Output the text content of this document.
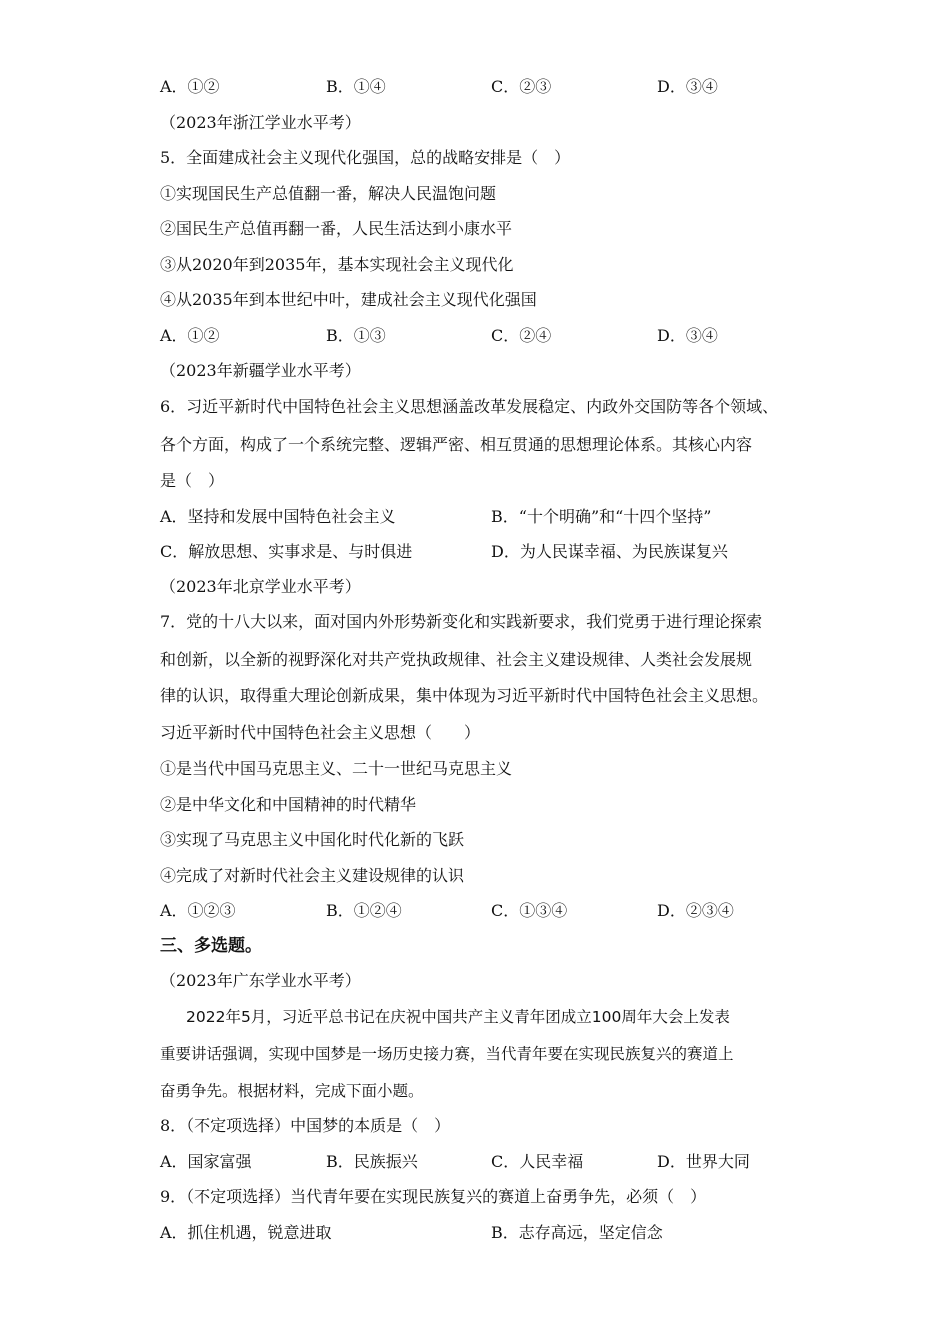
A．①②	B．①④	C．②③	D．③④
（2023年浙江学业水平考）
5．全面建成社会主义现代化强国，总的战略安排是（　）
①实现国民生产总值翻一番，解决人民温饱问题
②国民生产总值再翻一番，人民生活达到小康水平
③从2020年到2035年，基本实现社会主义现代化
④从2035年到本世纪中叶，建成社会主义现代化强国
A．①②	B．①③	C．②④	D．③④
（2023年新疆学业水平考）
6．习近平新时代中国特色社会主义思想涵盖改革发展稳定、内政外交国防等各个领域、
各个方面，构成了一个系统完整、逻辑严密、相互贯通的思想理论体系。其核心内容
是（　）
A．坚持和发展中国特色社会主义	B．“十个明确”和“十四个坚持”
C．解放思想、实事求是、与时俱进	D．为人民谋幸福、为民族谋复兴
（2023年北京学业水平考）
7．党的十八大以来，面对国内外形势新变化和实践新要求，我们党勇于进行理论探索
和创新，以全新的视野深化对共产党执政规律、社会主义建设规律、人类社会发展规
律的认识，取得重大理论创新成果，集中体现为习近平新时代中国特色社会主义思想。
习近平新时代中国特色社会主义思想（　　）
①是当代中国马克思主义、二十一世纪马克思主义
②是中华文化和中国精神的时代精华
③实现了马克思主义中国化时代化新的飞跃
④完成了对新时代社会主义建设规律的认识
A．①②③	B．①②④	C．①③④	D．②③④
三、多选题。
（2023年广东学业水平考）
2022年5月，习近平总书记在庆祝中国共产主义青年团成立100周年大会上发表
重要讲话强调，实现中国梦是一场历史接力赛，当代青年要在实现民族复兴的赛道上
奋勇争先。根据材料，完成下面小题。
8．（不定项选择）中国梦的本质是（　）
A．国家富强	B．民族振兴	C．人民幸福	D．世界大同
9．（不定项选择）当代青年要在实现民族复兴的赛道上奋勇争先，必须（　）
A．抓住机遇，锐意进取	B．志存高远，坚定信念
